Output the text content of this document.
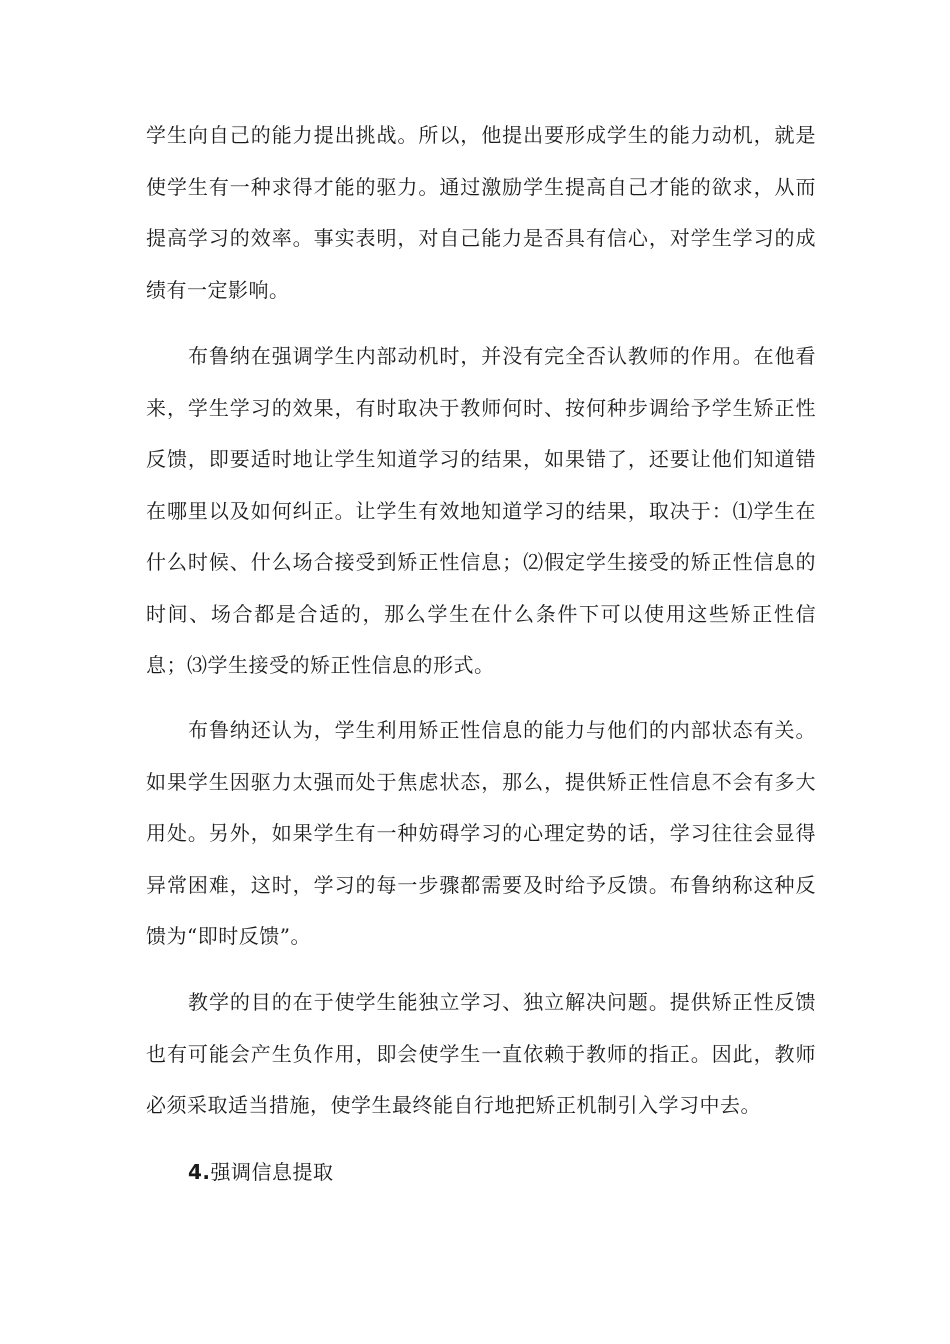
学生向自己的能力提出挑战。所以，他提出要形成学生的能力动机，就是使学生有一种求得才能的驱力。通过激励学生提高自己才能的欲求，从而提高学习的效率。事实表明，对自己能力是否具有信心，对学生学习的成绩有一定影响。

布鲁纳在强调学生内部动机时，并没有完全否认教师的作用。在他看来，学生学习的效果，有时取决于教师何时、按何种步调给予学生矫正性反馈，即要适时地让学生知道学习的结果，如果错了，还要让他们知道错在哪里以及如何纠正。让学生有效地知道学习的结果，取决于：⑴学生在什么时候、什么场合接受到矫正性信息；⑵假定学生接受的矫正性信息的时间、场合都是合适的，那么学生在什么条件下可以使用这些矫正性信息；⑶学生接受的矫正性信息的形式。

布鲁纳还认为，学生利用矫正性信息的能力与他们的内部状态有关。如果学生因驱力太强而处于焦虑状态，那么，提供矫正性信息不会有多大用处。另外，如果学生有一种妨碍学习的心理定势的话，学习往往会显得异常困难，这时，学习的每一步骤都需要及时给予反馈。布鲁纳称这种反馈为“即时反馈”。

教学的目的在于使学生能独立学习、独立解决问题。提供矫正性反馈也有可能会产生负作用，即会使学生一直依赖于教师的指正。因此，教师必须采取适当措施，使学生最终能自行地把矫正机制引入学习中去。

4.强调信息提取
